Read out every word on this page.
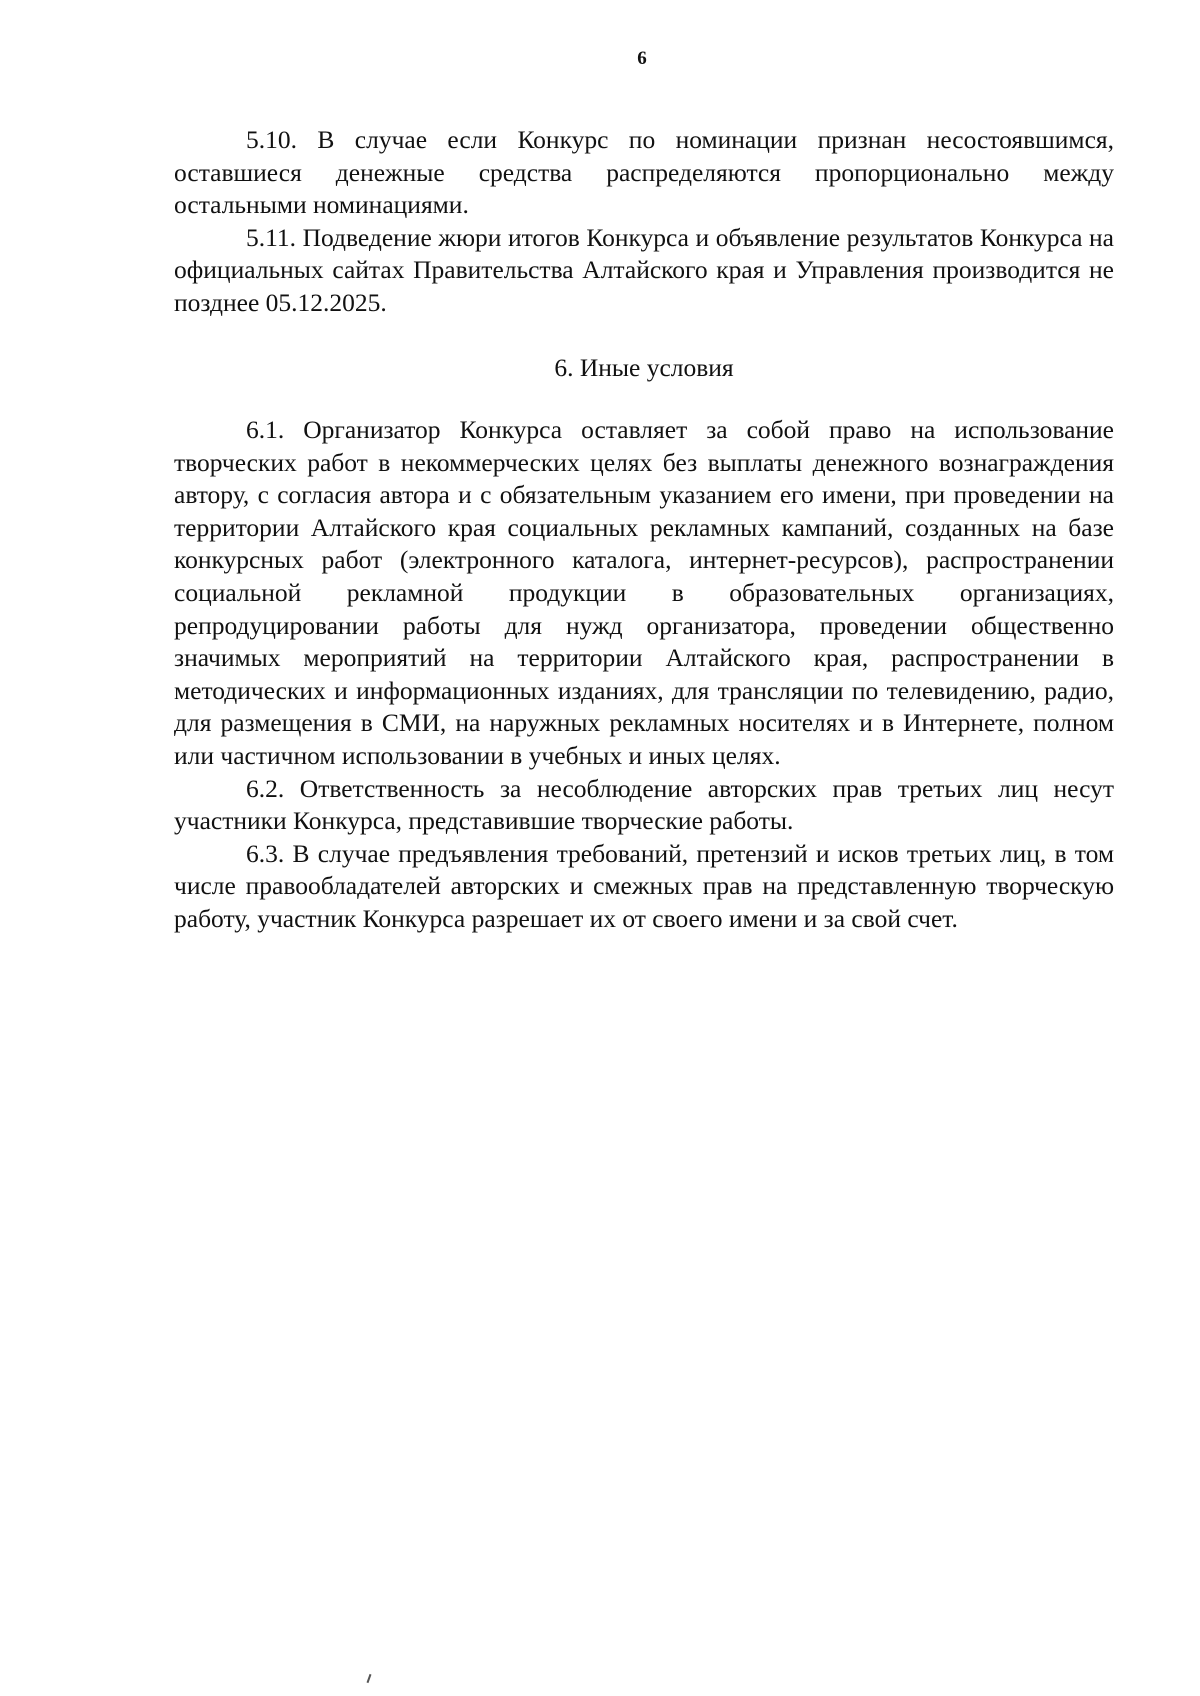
6

5.10. В случае если Конкурс по номинации признан несостоявшимся, оставшиеся денежные средства распределяются пропорционально между остальными номинациями.

5.11. Подведение жюри итогов Конкурса и объявление результатов Конкурса на официальных сайтах Правительства Алтайского края и Управления производится не позднее 05.12.2025.

6. Иные условия

6.1. Организатор Конкурса оставляет за собой право на использование творческих работ в некоммерческих целях без выплаты денежного вознаграждения автору, с согласия автора и с обязательным указанием его имени, при проведении на территории Алтайского края социальных рекламных кампаний, созданных на базе конкурсных работ (электронного каталога, интернет-ресурсов), распространении социальной рекламной продукции в образовательных организациях, репродуцировании работы для нужд организатора, проведении общественно значимых мероприятий на территории Алтайского края, распространении в методических и информационных изданиях, для трансляции по телевидению, радио, для размещения в СМИ, на наружных рекламных носителях и в Интернете, полном или частичном использовании в учебных и иных целях.

6.2. Ответственность за несоблюдение авторских прав третьих лиц несут участники Конкурса, представившие творческие работы.

6.3. В случае предъявления требований, претензий и исков третьих лиц, в том числе правообладателей авторских и смежных прав на представленную творческую работу, участник Конкурса разрешает их от своего имени и за свой счет.
